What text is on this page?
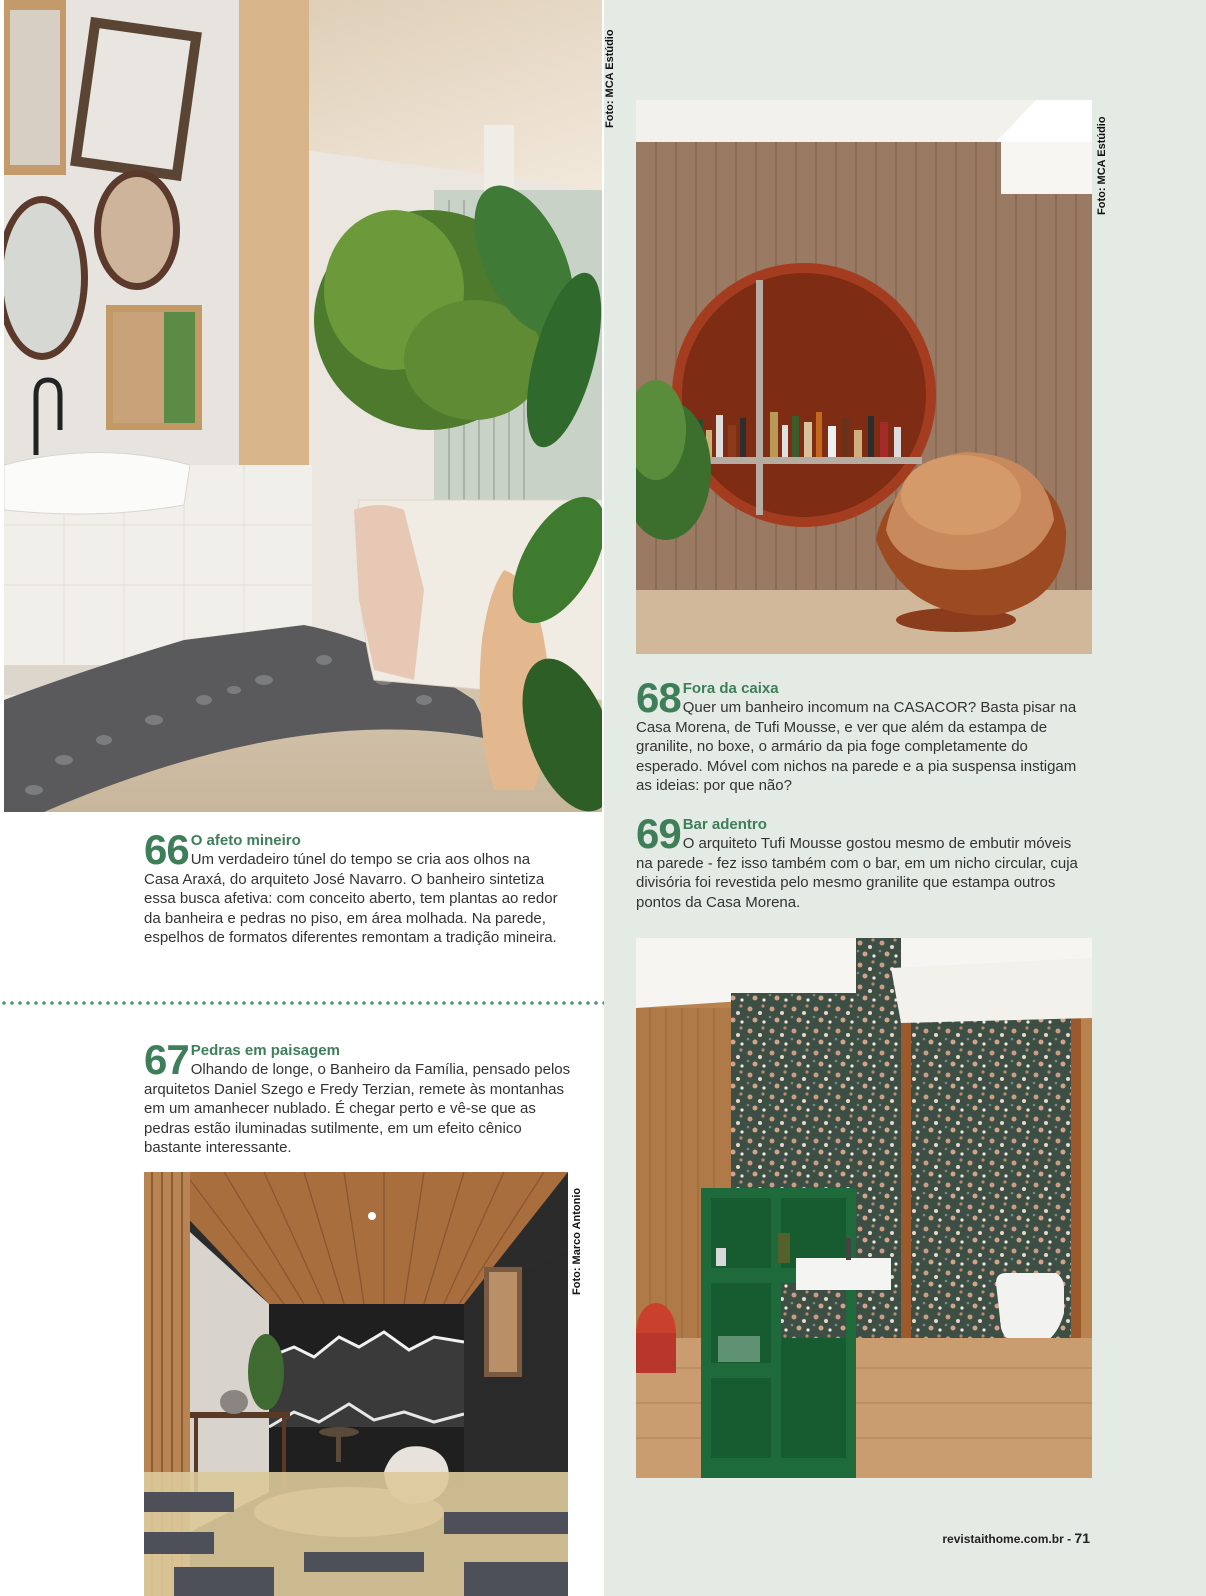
Foto: MCA Estúdio
Foto: MCA Estúdio
68 Fora da caixa
Quer um banheiro incomum na CASACOR? Basta pisar na Casa Morena, de Tufi Mousse, e ver que além da estampa de granilite, no boxe, o armário da pia foge completamente do esperado. Móvel com nichos na parede e a pia suspensa instigam as ideias: por que não?
69 Bar adentro
O arquiteto Tufi Mousse gostou mesmo de embutir móveis na parede - fez isso também com o bar, em um nicho circular, cuja divisória foi revestida pelo mesmo granilite que estampa outros pontos da Casa Morena.
66 O afeto mineiro
Um verdadeiro túnel do tempo se cria aos olhos na Casa Araxá, do arquiteto José Navarro. O banheiro sintetiza essa busca afetiva: com conceito aberto, tem plantas ao redor da banheira e pedras no piso, em área molhada. Na parede, espelhos de formatos diferentes remontam a tradição mineira.
67 Pedras em paisagem
Olhando de longe, o Banheiro da Família, pensado pelos arquitetos Daniel Szego e Fredy Terzian, remete às montanhas em um amanhecer nublado. É chegar perto e vê-se que as pedras estão iluminadas sutilmente, em um efeito cênico bastante interessante.
Foto: Marco Antonio
revistaithome.com.br - 71
